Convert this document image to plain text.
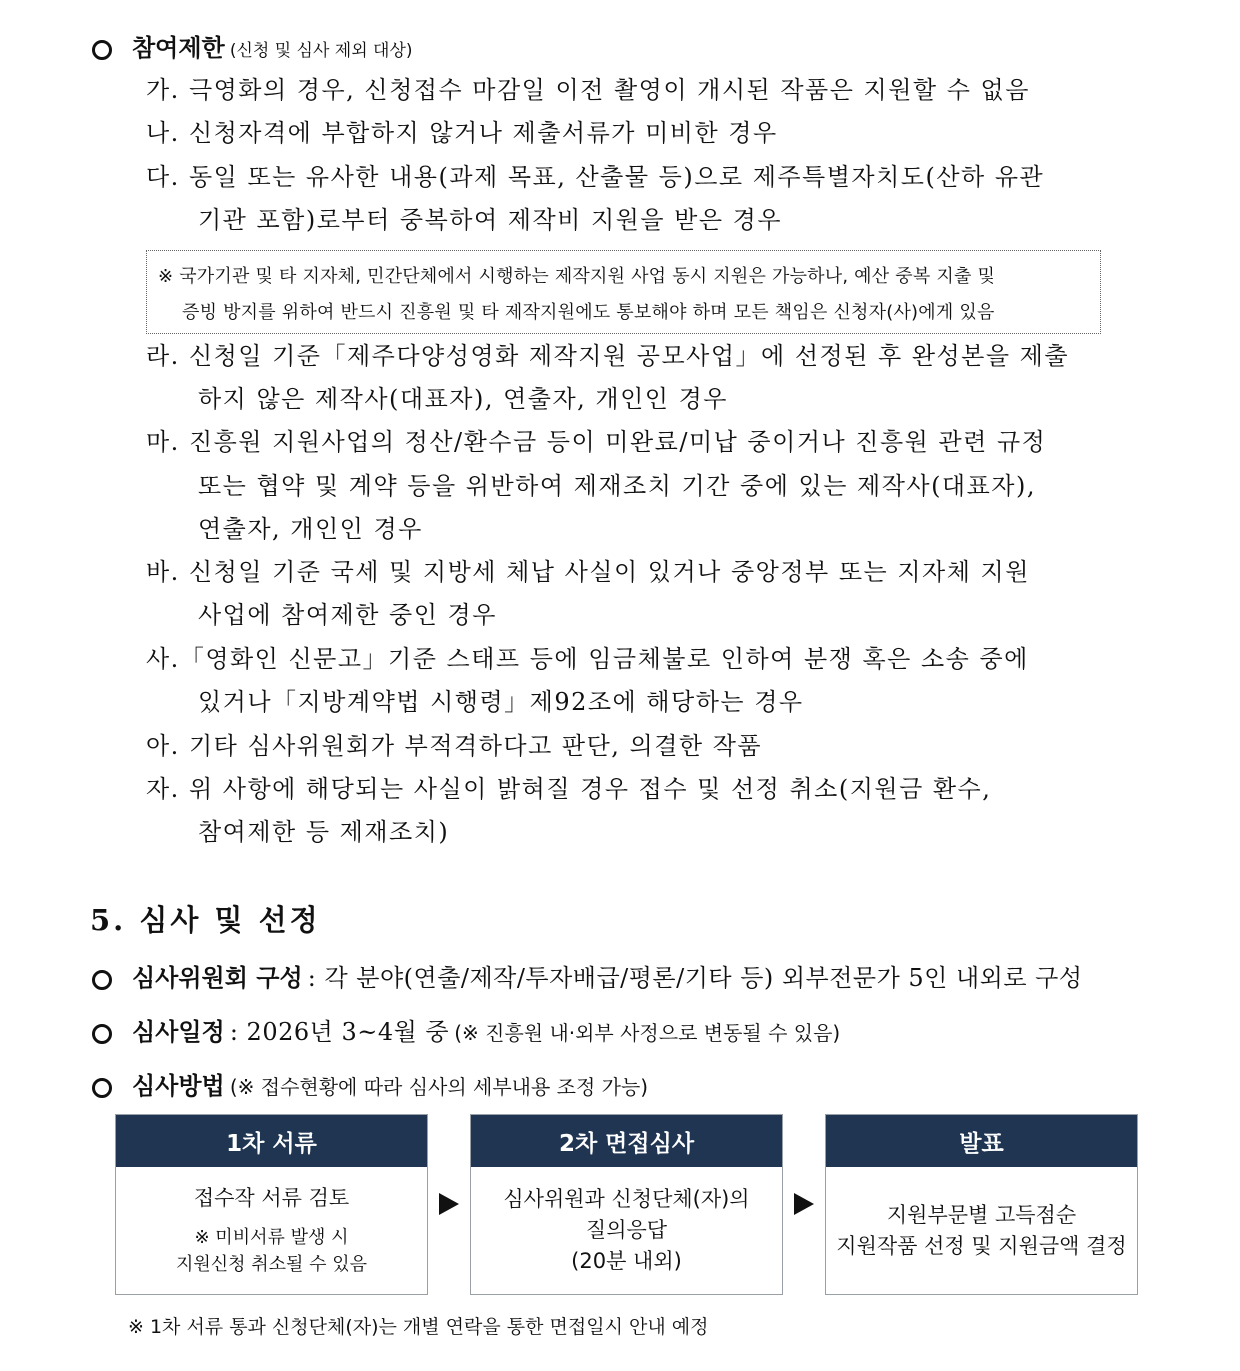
참여제한 (신청 및 심사 제외 대상)
가. 극영화의 경우, 신청접수 마감일 이전 촬영이 개시된 작품은 지원할 수 없음
나. 신청자격에 부합하지 않거나 제출서류가 미비한 경우
다. 동일 또는 유사한 내용(과제 목표, 산출물 등)으로 제주특별자치도(산하 유관
기관 포함)로부터 중복하여 제작비 지원을 받은 경우
※ 국가기관 및 타 지자체, 민간단체에서 시행하는 제작지원 사업 동시 지원은 가능하나, 예산 중복 지출 및
증빙 방지를 위하여 반드시 진흥원 및 타 제작지원에도 통보해야 하며 모든 책임은 신청자(사)에게 있음
라. 신청일 기준「제주다양성영화 제작지원 공모사업」에 선정된 후 완성본을 제출
하지 않은 제작사(대표자), 연출자, 개인인 경우
마. 진흥원 지원사업의 정산/환수금 등이 미완료/미납 중이거나 진흥원 관련 규정
또는 협약 및 계약 등을 위반하여 제재조치 기간 중에 있는 제작사(대표자),
연출자, 개인인 경우
바. 신청일 기준 국세 및 지방세 체납 사실이 있거나 중앙정부 또는 지자체 지원
사업에 참여제한 중인 경우
사.「영화인 신문고」기준 스태프 등에 임금체불로 인하여 분쟁 혹은 소송 중에
있거나「지방계약법 시행령」제92조에 해당하는 경우
아. 기타 심사위원회가 부적격하다고 판단, 의결한 작품
자. 위 사항에 해당되는 사실이 밝혀질 경우 접수 및 선정 취소(지원금 환수,
참여제한 등 제재조치)
5. 심사 및 선정
심사위원회 구성 : 각 분야(연출/제작/투자배급/평론/기타 등) 외부전문가 5인 내외로 구성
심사일정 : 2026년 3~4월 중 (※ 진흥원 내·외부 사정으로 변동될 수 있음)
심사방법 (※ 접수현황에 따라 심사의 세부내용 조정 가능)
1차 서류
접수작 서류 검토
※ 미비서류 발생 시
지원신청 취소될 수 있음
2차 면접심사
심사위원과 신청단체(자)의
질의응답
(20분 내외)
발표
지원부문별 고득점순
지원작품 선정 및 지원금액 결정
※ 1차 서류 통과 신청단체(자)는 개별 연락을 통한 면접일시 안내 예정
